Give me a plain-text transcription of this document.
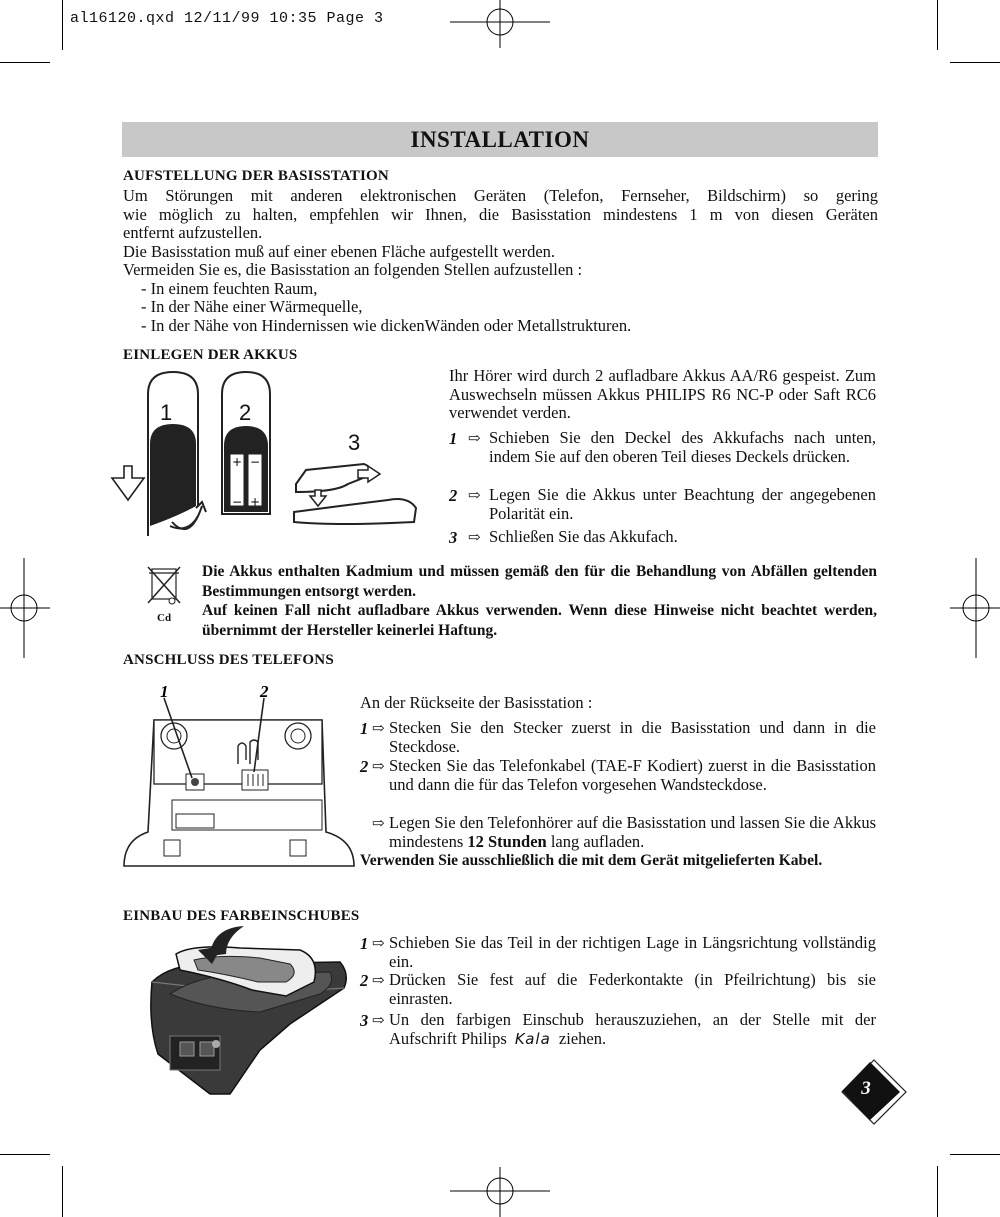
al16120.qxd 12/11/99 10:35 Page 3
INSTALLATION
AUFSTELLUNG DER BASISSTATION
Um Störungen mit anderen elektronischen Geräten (Telefon, Fernseher, Bildschirm) so gering
wie möglich zu halten, empfehlen wir Ihnen, die Basisstation mindestens 1 m von diesen Geräten
entfernt aufzustellen.
Die Basisstation muß auf einer ebenen Fläche aufgestellt werden.
Vermeiden Sie es, die Basisstation an folgenden Stellen aufzustellen :
- In einem feuchten Raum,
- In der Nähe einer Wärmequelle,
- In der Nähe von Hindernissen wie dickenWänden oder Metallstrukturen.
EINLEGEN DER AKKUS
1
+ −
− +
2
3
Ihr Hörer wird durch 2 aufladbare Akkus AA/R6 gespeist. Zum Auswechseln müssen Akkus PHILIPS R6 NC-P oder Saft RC6 verwendet verden.
1 ⇨ Schieben Sie den Deckel des Akkufachs nach unten, indem Sie auf den oberen Teil dieses Deckels drücken.
2 ⇨ Legen Sie die Akkus unter Beachtung der angegebenen Polarität ein.
3 ⇨ Schließen Sie das Akkufach.
Cd
Die Akkus enthalten Kadmium und müssen gemäß den für die Behandlung von Abfällen geltenden Bestimmungen entsorgt werden.
Auf keinen Fall nicht aufladbare Akkus verwenden. Wenn diese Hinweise nicht beachtet werden, übernimmt der Hersteller keinerlei Haftung.
ANSCHLUSS DES TELEFONS
1	2
An der Rückseite der Basisstation :
1 ⇨ Stecken Sie den Stecker zuerst in die Basisstation und dann in die Steckdose.
2 ⇨ Stecken Sie das Telefonkabel (TAE-F Kodiert) zuerst in die Basisstation und dann die für das Telefon vorgesehen Wandsteckdose.
⇨ Legen Sie den Telefonhörer auf die Basisstation und lassen Sie die Akkus mindestens 12 Stunden lang aufladen.
Verwenden Sie ausschließlich die mit dem Gerät mitgelieferten Kabel.
EINBAU DES FARBEINSCHUBES
1 ⇨ Schieben Sie das Teil in der richtigen Lage in Längsrichtung vollständig ein.
2 ⇨ Drücken Sie fest auf die Federkontakte (in Pfeilrichtung) bis sie einrasten.
3 ⇨ Un den farbigen Einschub herauszuziehen, an der Stelle mit der Aufschrift Philips Kala ziehen.
3
